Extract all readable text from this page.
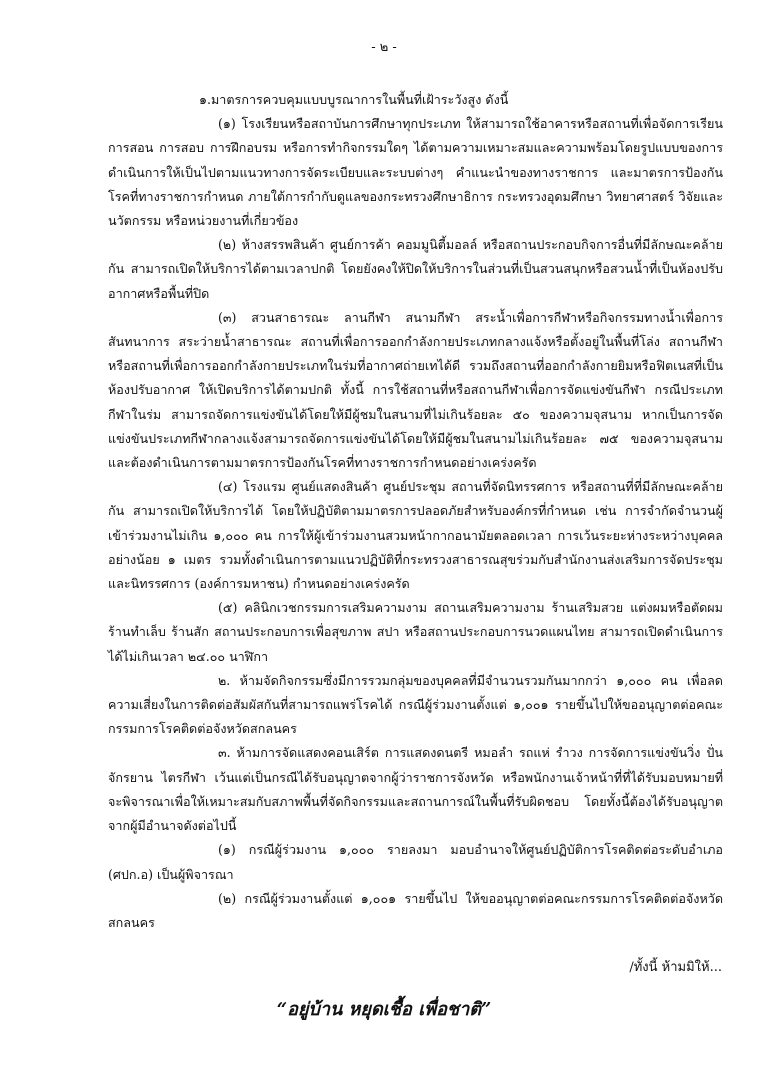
- ๒ -

๑.มาตรการควบคุมแบบบูรณาการในพื้นที่เฝ้าระวังสูง ดังนี้

(๑) โรงเรียนหรือสถาบันการศึกษาทุกประเภท ให้สามารถใช้อาคารหรือสถานที่เพื่อจัดการเรียนการสอน การสอบ การฝึกอบรม หรือการทำกิจกรรมใดๆ ได้ตามความเหมาะสมและความพร้อมโดยรูปแบบของการดำเนินการให้เป็นไปตามแนวทางการจัดระเบียบและระบบต่างๆ คำแนะนำของทางราชการ และมาตรการป้องกันโรคที่ทางราชการกำหนด ภายใต้การกำกับดูแลของกระทรวงศึกษาธิการ กระทรวงอุดมศึกษา วิทยาศาสตร์ วิจัยและนวัตกรรม หรือหน่วยงานที่เกี่ยวข้อง

(๒) ห้างสรรพสินค้า ศูนย์การค้า คอมมูนิตี้มอลล์ หรือสถานประกอบกิจการอื่นที่มีลักษณะคล้ายกัน สามารถเปิดให้บริการได้ตามเวลาปกติ โดยยังคงให้ปิดให้บริการในส่วนที่เป็นสวนสนุกหรือสวนน้ำที่เป็นห้องปรับอากาศหรือพื้นที่ปิด

(๓) สวนสาธารณะ ลานกีฬา สนามกีฬา สระน้ำเพื่อการกีฬาหรือกิจกรรมทางน้ำเพื่อการสันทนาการ สระว่ายน้ำสาธารณะ สถานที่เพื่อการออกกำลังกายประเภทกลางแจ้งหรือตั้งอยู่ในพื้นที่โล่ง สถานกีฬาหรือสถานที่เพื่อการออกกำลังกายประเภทในร่มที่อากาศถ่ายเทได้ดี รวมถึงสถานที่ออกกำลังกายยิมหรือฟิตเนสที่เป็นห้องปรับอากาศ ให้เปิดบริการได้ตามปกติ ทั้งนี้ การใช้สถานที่หรือสถานกีฬาเพื่อการจัดแข่งขันกีฬา กรณีประเภทกีฬาในร่ม สามารถจัดการแข่งขันได้โดยให้มีผู้ชมในสนามที่ไม่เกินร้อยละ ๕๐ ของความจุสนาม หากเป็นการจัดแข่งขันประเภทกีฬากลางแจ้งสามารถจัดการแข่งขันได้โดยให้มีผู้ชมในสนามไม่เกินร้อยละ ๗๕ ของความจุสนาม และต้องดำเนินการตามมาตรการป้องกันโรคที่ทางราชการกำหนดอย่างเคร่งครัด

(๔) โรงแรม ศูนย์แสดงสินค้า ศูนย์ประชุม สถานที่จัดนิทรรศการ หรือสถานที่ที่มีลักษณะคล้ายกัน สามารถเปิดให้บริการได้ โดยให้ปฏิบัติตามมาตรการปลอดภัยสำหรับองค์กรที่กำหนด เช่น การจำกัดจำนวนผู้เข้าร่วมงานไม่เกิน ๑,๐๐๐ คน การให้ผู้เข้าร่วมงานสวมหน้ากากอนามัยตลอดเวลา การเว้นระยะห่างระหว่างบุคคลอย่างน้อย ๑ เมตร รวมทั้งดำเนินการตามแนวปฏิบัติที่กระทรวงสาธารณสุขร่วมกับสำนักงานส่งเสริมการจัดประชุมและนิทรรศการ (องค์การมหาชน) กำหนดอย่างเคร่งครัด

(๕) คลินิกเวชกรรมการเสริมความงาม สถานเสริมความงาม ร้านเสริมสวย แต่งผมหรือตัดผม ร้านทำเล็บ ร้านสัก สถานประกอบการเพื่อสุขภาพ สปา หรือสถานประกอบการนวดแผนไทย สามารถเปิดดำเนินการได้ไม่เกินเวลา ๒๔.๐๐ นาฬิกา

๒. ห้ามจัดกิจกรรมซึ่งมีการรวมกลุ่มของบุคคลที่มีจำนวนรวมกันมากกว่า ๑,๐๐๐ คน เพื่อลดความเสี่ยงในการติดต่อสัมผัสกันที่สามารถแพร่โรคได้ กรณีผู้ร่วมงานตั้งแต่ ๑,๐๐๑ รายขึ้นไปให้ขออนุญาตต่อคณะกรรมการโรคติดต่อจังหวัดสกลนคร

๓. ห้ามการจัดแสดงคอนเสิร์ต การแสดงดนตรี หมอลำ รถแห่ รำวง การจัดการแข่งขันวิ่ง ปั่นจักรยาน ไตรกีฬา เว้นแต่เป็นกรณีได้รับอนุญาตจากผู้ว่าราชการจังหวัด หรือพนักงานเจ้าหน้าที่ที่ได้รับมอบหมายที่จะพิจารณาเพื่อให้เหมาะสมกับสภาพพื้นที่จัดกิจกรรมและสถานการณ์ในพื้นที่รับผิดชอบ โดยทั้งนี้ต้องได้รับอนุญาตจากผู้มีอำนาจดังต่อไปนี้

(๑) กรณีผู้ร่วมงาน ๑,๐๐๐ รายลงมา มอบอำนาจให้ศูนย์ปฏิบัติการโรคติดต่อระดับอำเภอ (ศปก.อ) เป็นผู้พิจารณา

(๒) กรณีผู้ร่วมงานตั้งแต่ ๑,๐๐๑ รายขึ้นไป ให้ขออนุญาตต่อคณะกรรมการโรคติดต่อจังหวัดสกลนคร

/ทั้งนี้ ห้ามมิให้...
“อยู่บ้าน หยุดเชื้อ เพื่อชาติ”
